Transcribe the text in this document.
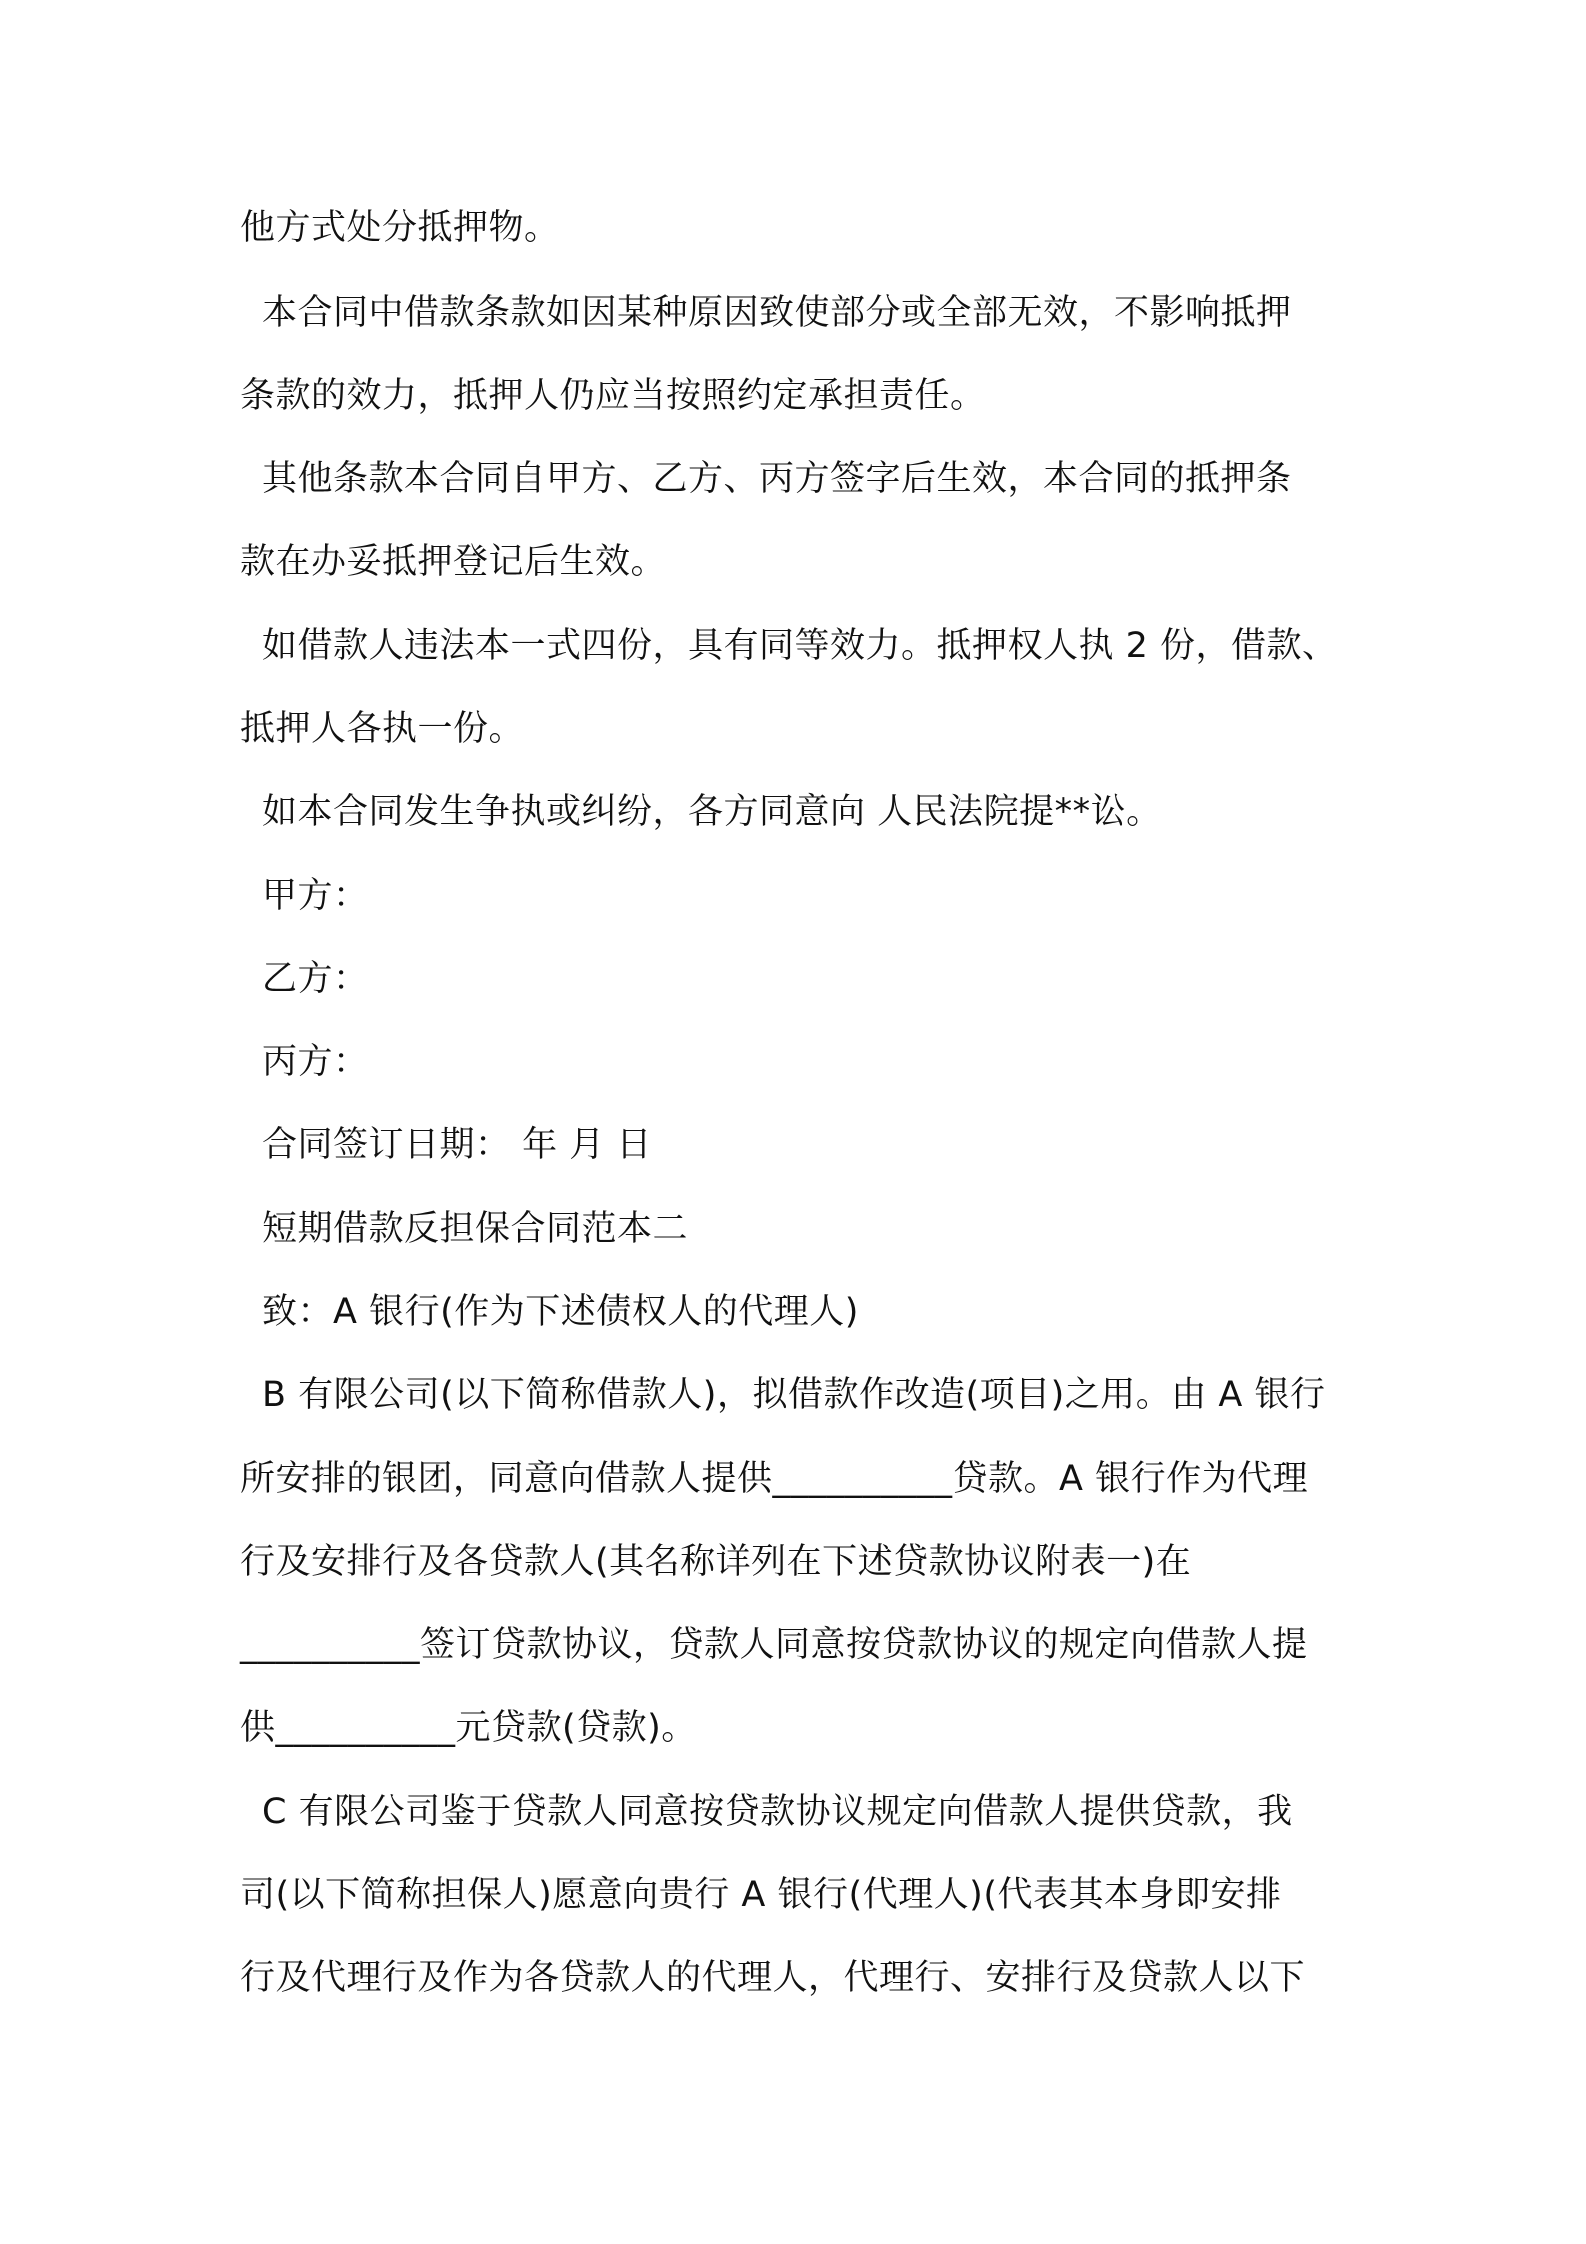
他方式处分抵押物。
本合同中借款条款如因某种原因致使部分或全部无效，不影响抵押
条款的效力，抵押人仍应当按照约定承担责任。
其他条款本合同自甲方、乙方、丙方签字后生效，本合同的抵押条
款在办妥抵押登记后生效。
如借款人违法本一式四份，具有同等效力。抵押权人执 2 份，借款、
抵押人各执一份。
如本合同发生争执或纠纷，各方同意向 人民法院提**讼。
甲方：
乙方：
丙方：
合同签订日期： 年 月 日
短期借款反担保合同范本二
致：A 银行(作为下述债权人的代理人)
B 有限公司(以下简称借款人)，拟借款作改造(项目)之用。由 A 银行
所安排的银团，同意向借款人提供__________贷款。A 银行作为代理
行及安排行及各贷款人(其名称详列在下述贷款协议附表一)在
__________签订贷款协议，贷款人同意按贷款协议的规定向借款人提
供__________元贷款(贷款)。
C 有限公司鉴于贷款人同意按贷款协议规定向借款人提供贷款，我
司(以下简称担保人)愿意向贵行 A 银行(代理人)(代表其本身即安排
行及代理行及作为各贷款人的代理人，代理行、安排行及贷款人以下
